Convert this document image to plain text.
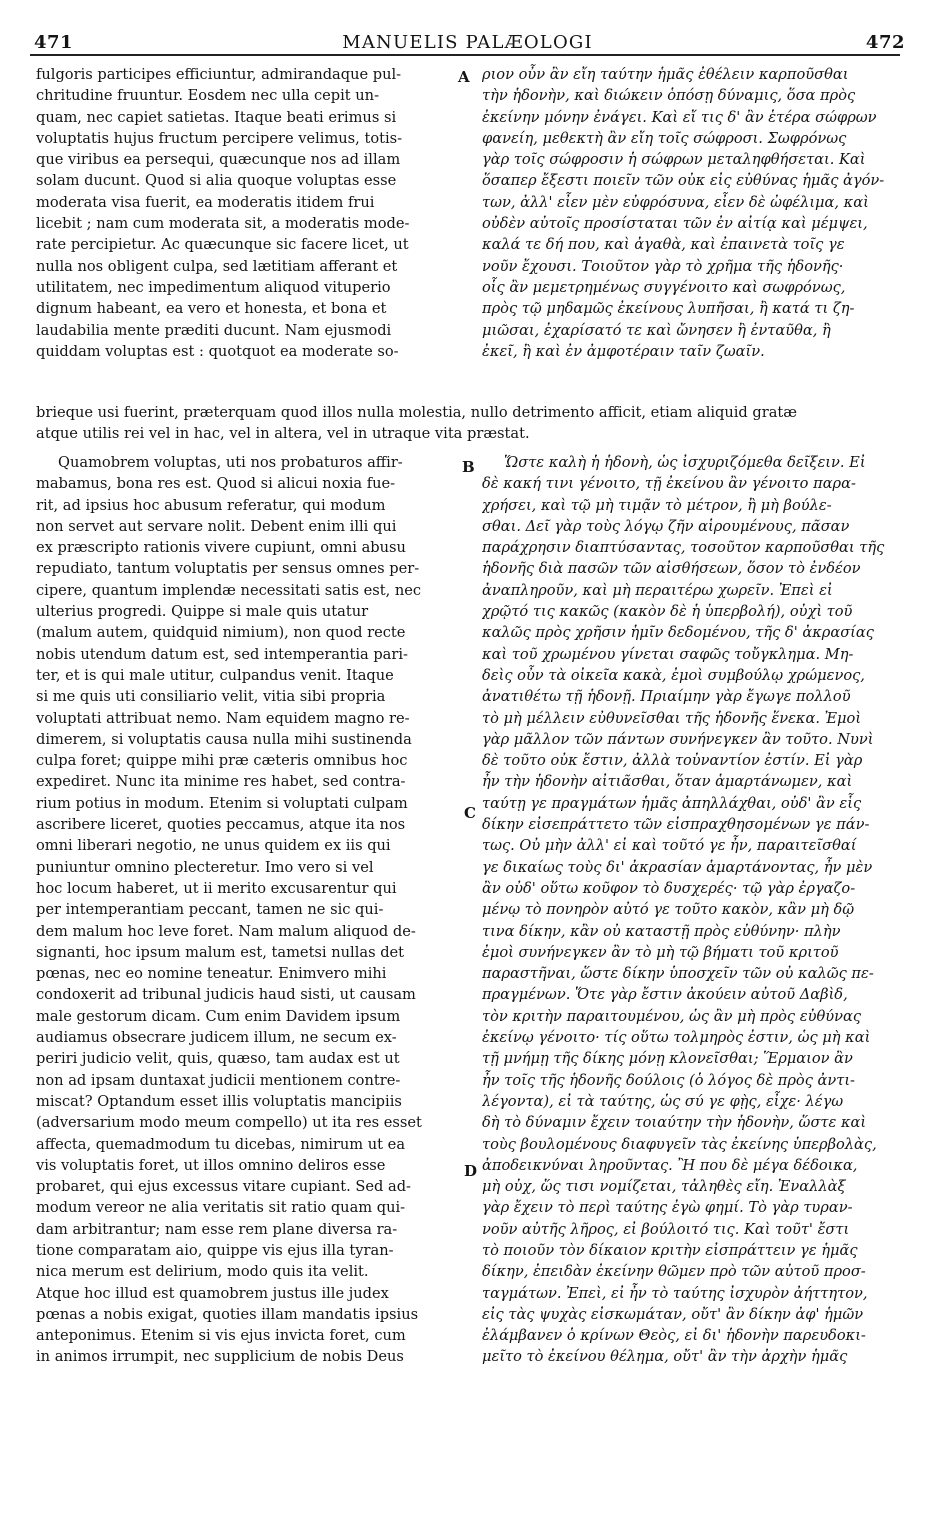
471	MANUELIS PALÆOLOGI	472
A
B
C
D
fulgoris participes efficiuntur, admirandaque pul-
chritudine fruuntur. Eosdem nec ulla cepit un-
quam, nec capiet satietas. Itaque beati erimus si
voluptatis hujus fructum percipere velimus, totis-
que viribus ea persequi, quæcunque nos ad illam
solam ducunt. Quod si alia quoque voluptas esse
moderata visa fuerit, ea moderatis itidem frui
licebit ; nam cum moderata sit, a moderatis mode-
rate percipietur. Ac quæcunque sic facere licet, ut
nulla nos obligent culpa, sed lætitiam afferant et
utilitatem, nec impedimentum aliquod vituperio
dignum habeant, ea vero et honesta, et bona et
laudabilia mente præditi ducunt. Nam ejusmodi
quiddam voluptas est : quotquot ea moderate so-
ριον οὖν ἂν εἴη ταύτην ἡμᾶς ἐθέλειν καρποῦσθαι
τὴν ἡδονὴν, καὶ διώκειν ὁπόσῃ δύναμις, ὅσα πρὸς
ἐκείνην μόνην ἐνάγει. Καὶ εἴ τις δ' ἂν ἑτέρα σώφρων
φανείη, μεθεκτὴ ἂν εἴη τοῖς σώφροσι. Σωφρόνως
γὰρ τοῖς σώφροσιν ἡ σώφρων μεταληφθήσεται. Καὶ
ὅσαπερ ἔξεστι ποιεῖν τῶν οὐκ εἰς εὐθύνας ἡμᾶς ἀγόν-
των, ἀλλ' εἶεν μὲν εὐφρόσυνα, εἶεν δὲ ὠφέλιμα, καὶ
οὐδὲν αὐτοῖς προσίσταται τῶν ἐν αἰτίᾳ καὶ μέμψει,
καλά τε δή που, καὶ ἀγαθὰ, καὶ ἐπαινετὰ τοῖς γε
νοῦν ἔχουσι. Τοιοῦτον γὰρ τὸ χρῆμα τῆς ἡδονῆς·
οἷς ἂν μεμετρημένως συγγένοιτο καὶ σωφρόνως,
πρὸς τῷ μηδαμῶς ἐκείνους λυπῆσαι, ἢ κατά τι ζη-
μιῶσαι, ἐχαρίσατό τε καὶ ὤνησεν ἢ ἐνταῦθα, ἢ
ἐκεῖ, ἢ καὶ ἐν ἀμφοτέραιν ταῖν ζωαῖν.
brieque usi fuerint, præterquam quod illos nulla molestia, nullo detrimento afficit, etiam aliquid gratæ
atque utilis rei vel in hac, vel in altera, vel in utraque vita præstat.
Quamobrem voluptas, uti nos probaturos affir-
mabamus, bona res est. Quod si alicui noxia fue-
rit, ad ipsius hoc abusum referatur, qui modum
non servet aut servare nolit. Debent enim illi qui
ex præscripto rationis vivere cupiunt, omni abusu
repudiato, tantum voluptatis per sensus omnes per-
cipere, quantum implendæ necessitati satis est, nec
ulterius progredi. Quippe si male quis utatur
(malum autem, quidquid nimium), non quod recte
nobis utendum datum est, sed intemperantia pari-
ter, et is qui male utitur, culpandus venit. Itaque
si me quis uti consiliario velit, vitia sibi propria
voluptati attribuat nemo. Nam equidem magno re-
dimerem, si voluptatis causa nulla mihi sustinenda
culpa foret; quippe mihi præ cæteris omnibus hoc
expediret. Nunc ita minime res habet, sed contra-
rium potius in modum. Etenim si voluptati culpam
ascribere liceret, quoties peccamus, atque ita nos
omni liberari negotio, ne unus quidem ex iis qui
puniuntur omnino plecteretur. Imo vero si vel
hoc locum haberet, ut ii merito excusarentur qui
per intemperantiam peccant, tamen ne sic qui-
dem malum hoc leve foret. Nam malum aliquod de-
signanti, hoc ipsum malum est, tametsi nullas det
pœnas, nec eo nomine teneatur. Enimvero mihi
condoxerit ad tribunal judicis haud sisti, ut causam
male gestorum dicam. Cum enim Davidem ipsum
audiamus obsecrare judicem illum, ne secum ex-
periri judicio velit, quis, quæso, tam audax est ut
non ad ipsam duntaxat judicii mentionem contre-
miscat? Optandum esset illis voluptatis mancipiis
(adversarium modo meum compello) ut ita res esset
affecta, quemadmodum tu dicebas, nimirum ut ea
vis voluptatis foret, ut illos omnino deliros esse
probaret, qui ejus excessus vitare cupiant. Sed ad-
modum vereor ne alia veritatis sit ratio quam qui-
dam arbitrantur; nam esse rem plane diversa ra-
tione comparatam aio, quippe vis ejus illa tyran-
nica merum est delirium, modo quis ita velit.
Atque hoc illud est quamobrem justus ille judex
pœnas a nobis exigat, quoties illam mandatis ipsius
anteponimus. Etenim si vis ejus invicta foret, cum
in animos irrumpit, nec supplicium de nobis Deus
Ὥστε καλὴ ἡ ἡδονὴ, ὡς ἰσχυριζόμεθα δεῖξειν. Εἰ
δὲ κακή τινι γένοιτο, τῇ ἐκείνου ἂν γένοιτο παρα-
χρήσει, καὶ τῷ μὴ τιμᾷν τὸ μέτρον, ἢ μὴ βούλε-
σθαι. Δεῖ γὰρ τοὺς λόγῳ ζῆν αἱρουμένους, πᾶσαν
παράχρησιν διαπτύσαντας, τοσοῦτον καρποῦσθαι τῆς
ἡδονῆς διὰ πασῶν τῶν αἰσθήσεων, ὅσον τὸ ἐνδέον
ἀναπληροῦν, καὶ μὴ περαιτέρω χωρεῖν. Ἐπεὶ εἰ
χρῷτό τις κακῶς (κακὸν δὲ ἡ ὑπερβολή), οὐχὶ τοῦ
καλῶς πρὸς χρῆσιν ἡμῖν δεδομένου, τῆς δ' ἀκρασίας
καὶ τοῦ χρωμένου γίνεται σαφῶς τοὔγκλημα. Μη-
δεὶς οὖν τὰ οἰκεῖα κακὰ, ἐμοὶ συμβούλῳ χρώμενος,
ἀνατιθέτω τῇ ἡδονῇ. Πριαίμην γὰρ ἔγωγε πολλοῦ
τὸ μὴ μέλλειν εὐθυνεῖσθαι τῆς ἡδονῆς ἕνεκα. Ἐμοὶ
γὰρ μᾶλλον τῶν πάντων συνήνεγκεν ἂν τοῦτο. Νυνὶ
δὲ τοῦτο οὐκ ἔστιν, ἀλλὰ τοὐναντίον ἐστίν. Εἰ γὰρ
ἦν τὴν ἡδονὴν αἰτιᾶσθαι, ὅταν ἁμαρτάνωμεν, καὶ
ταύτῃ γε πραγμάτων ἡμᾶς ἀπηλλάχθαι, οὐδ' ἂν εἷς
δίκην εἰσεπράττετο τῶν εἰσπραχθησομένων γε πάν-
τως. Οὐ μὴν ἀλλ' εἰ καὶ τοῦτό γε ἦν, παραιτεῖσθαί
γε δικαίως τοὺς δι' ἀκρασίαν ἁμαρτάνοντας, ἦν μὲν
ἂν οὐδ' οὕτω κοῦφον τὸ δυσχερές· τῷ γὰρ ἐργαζο-
μένῳ τὸ πονηρὸν αὐτό γε τοῦτο κακὸν, κἂν μὴ δῷ
τινα δίκην, κἂν οὐ καταστῇ πρὸς εὐθύνην· πλὴν
ἐμοὶ συνήνεγκεν ἂν τὸ μὴ τῷ βήματι τοῦ κριτοῦ
παραστῆναι, ὥστε δίκην ὑποσχεῖν τῶν οὐ καλῶς πε-
πραγμένων. Ὅτε γὰρ ἔστιν ἀκούειν αὐτοῦ Δαβὶδ,
τὸν κριτὴν παραιτουμένου, ὡς ἂν μὴ πρὸς εὐθύνας
ἐκείνῳ γένοιτο· τίς οὕτω τολμηρὸς ἐστιν, ὡς μὴ καὶ
τῇ μνήμῃ τῆς δίκης μόνῃ κλονεῖσθαι; Ἕρμαιον ἂν
ἦν τοῖς τῆς ἡδονῆς δούλοις (ὁ λόγος δὲ πρὸς ἀντι-
λέγοντα), εἰ τὰ ταύτης, ὡς σύ γε φῂς, εἶχε· λέγω
δὴ τὸ δύναμιν ἔχειν τοιαύτην τὴν ἡδονὴν, ὥστε καὶ
τοὺς βουλομένους διαφυγεῖν τὰς ἐκείνης ὑπερβολὰς,
ἀποδεικνύναι ληροῦντας. Ἢ που δὲ μέγα δέδοικα,
μὴ οὐχ, ὥς τισι νομίζεται, τἀληθὲς εἴη. Ἐναλλὰξ
γὰρ ἔχειν τὸ περὶ ταύτης ἐγὼ φημί. Τὸ γὰρ τυραν-
νοῦν αὐτῆς λῆρος, εἰ βούλοιτό τις. Καὶ τοῦτ' ἔστι
τὸ ποιοῦν τὸν δίκαιον κριτὴν εἰσπράττειν γε ἡμᾶς
δίκην, ἐπειδὰν ἐκείνην θῶμεν πρὸ τῶν αὐτοῦ προσ-
ταγμάτων. Ἐπεὶ, εἰ ἦν τὸ ταύτης ἰσχυρὸν ἀήττητον,
εἰς τὰς ψυχὰς εἰσκωμάταν, οὔτ' ἂν δίκην ἀφ' ἡμῶν
ἐλάμβανεν ὁ κρίνων Θεὸς, εἰ δι' ἡδονὴν παρευδοκι-
μεῖτο τὸ ἐκείνου θέλημα, οὔτ' ἂν τὴν ἀρχὴν ἡμᾶς
